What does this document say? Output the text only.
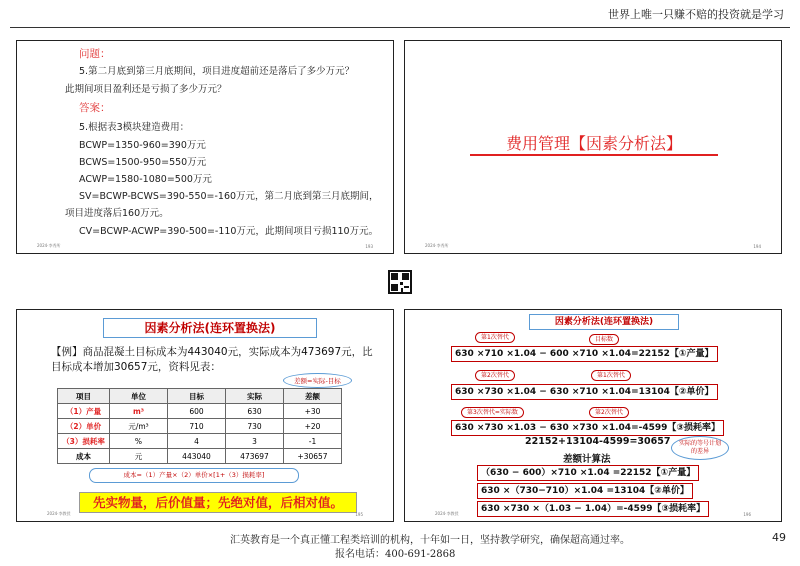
世界上唯一只赚不赔的投资就是学习

问题：

5.第二月底到第三月底期间，项目进度超前还是落后了多少万元？

此期间项目盈利还是亏损了多少万元？

答案：

5.根据表3模块建造费用：

BCWP=1350-960=390万元

BCWS=1500-950=550万元

ACWP=1580-1080=500万元

SV=BCWP-BCWS=390-550=-160万元，第二月底到第三月底期间，

项目进度落后160万元。

CV=BCWP-ACWP=390-500=-110万元，此期间项目亏损110万元。

2024·李秀所	193
费用管理【因素分析法】
2024·李秀所	194
因素分析法(连环置换法)
【例】商品混凝土目标成本为443040元，实际成本为473697元，比目标成本增加30657元，资料见表：
差额=实际-目标
项目	单位	目标	实际	差额
（1）产量	m³	600	630	+30
（2）单价	元/m³	710	730	+20
（3）损耗率	%	4	3	-1
成本	元	443040	473697	+30657
成本=（1）产量×（2）单价×[1+（3）损耗率]
先实物量，后价值量；先绝对值，后相对值。
2024·李教授	195
因素分析法(连环置换法)
第1次替代	目标数
630 ×710 ×1.04 − 600 ×710 ×1.04=22152【①产量】
第2次替代	第1次替代
630 ×730 ×1.04 − 630 ×710 ×1.04=13104【②单价】
第3次替代=实际数	第2次替代
630 ×730 ×1.03 − 630 ×730 ×1.04=-4599【③损耗率】
22152+13104-4599=30657	实际的等号计划的差异
差额计算法
（630 − 600）×710 ×1.04 =22152【①产量】
630 ×（730−710）×1.04 =13104【②单价】
630 ×730 ×（1.03 − 1.04）=-4599【③损耗率】
2024·李教授	196
汇英教育是一个真正懂工程类培训的机构，十年如一日，坚持教学研究，确保超高通过率。
报名电话：400-691-2868
49
